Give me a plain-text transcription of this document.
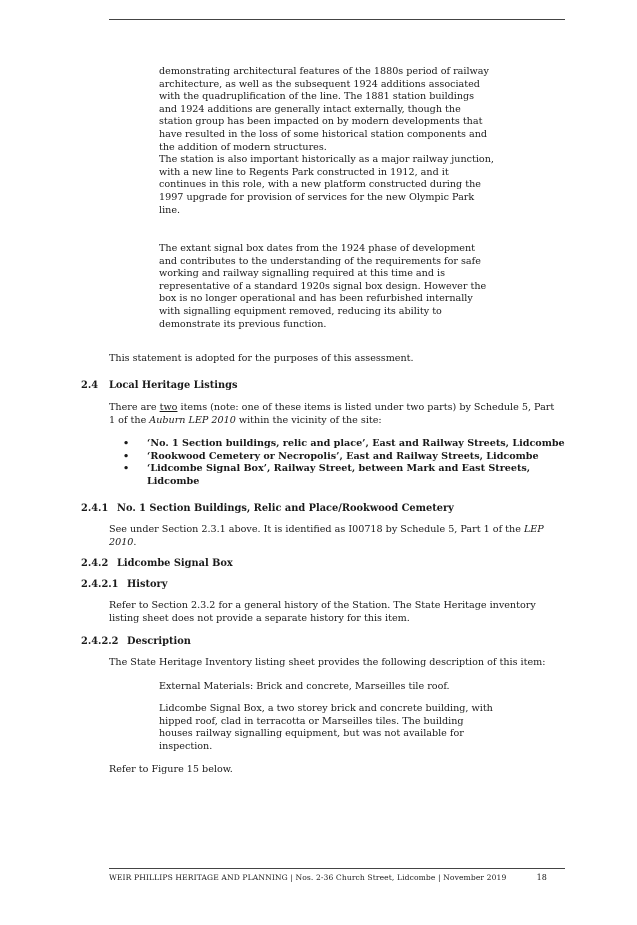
demonstrating architectural features of the 1880s period of railway
architecture, as well as the subsequent 1924 additions associated
with the quadruplification of the line. The 1881 station buildings
and 1924 additions are generally intact externally, though the
station group has been impacted on by modern developments that
have resulted in the loss of some historical station components and
the addition of modern structures.
The station is also important historically as a major railway junction,
with a new line to Regents Park constructed in 1912, and it
continues in this role, with a new platform constructed during the
1997 upgrade for provision of services for the new Olympic Park
line.
The extant signal box dates from the 1924 phase of development
and contributes to the understanding of the requirements for safe
working and railway signalling required at this time and is
representative of a standard 1920s signal box design. However the
box is no longer operational and has been refurbished internally
with signalling equipment removed, reducing its ability to
demonstrate its previous function.
This statement is adopted for the purposes of this assessment.
2.4 Local Heritage Listings
There are two items (note: one of these items is listed under two parts) by Schedule 5, Part
1 of the Auburn LEP 2010 within the vicinity of the site:
• ‘No. 1 Section buildings, relic and place’, East and Railway Streets, Lidcombe
• ‘Rookwood Cemetery or Necropolis’, East and Railway Streets, Lidcombe
• ‘Lidcombe Signal Box’, Railway Street, between Mark and East Streets,
Lidcombe
2.4.1 No. 1 Section Buildings, Relic and Place/Rookwood Cemetery
See under Section 2.3.1 above. It is identified as I00718 by Schedule 5, Part 1 of the LEP
2010.
2.4.2 Lidcombe Signal Box
2.4.2.1 History
Refer to Section 2.3.2 for a general history of the Station. The State Heritage inventory
listing sheet does not provide a separate history for this item.
2.4.2.2 Description
The State Heritage Inventory listing sheet provides the following description of this item:
External Materials: Brick and concrete, Marseilles tile roof.
Lidcombe Signal Box, a two storey brick and concrete building, with
hipped roof, clad in terracotta or Marseilles tiles. The building
houses railway signalling equipment, but was not available for
inspection.
Refer to Figure 15 below.
WEIR PHILLIPS HERITAGE AND PLANNING | Nos. 2-36 Church Street, Lidcombe | November 2019	18
